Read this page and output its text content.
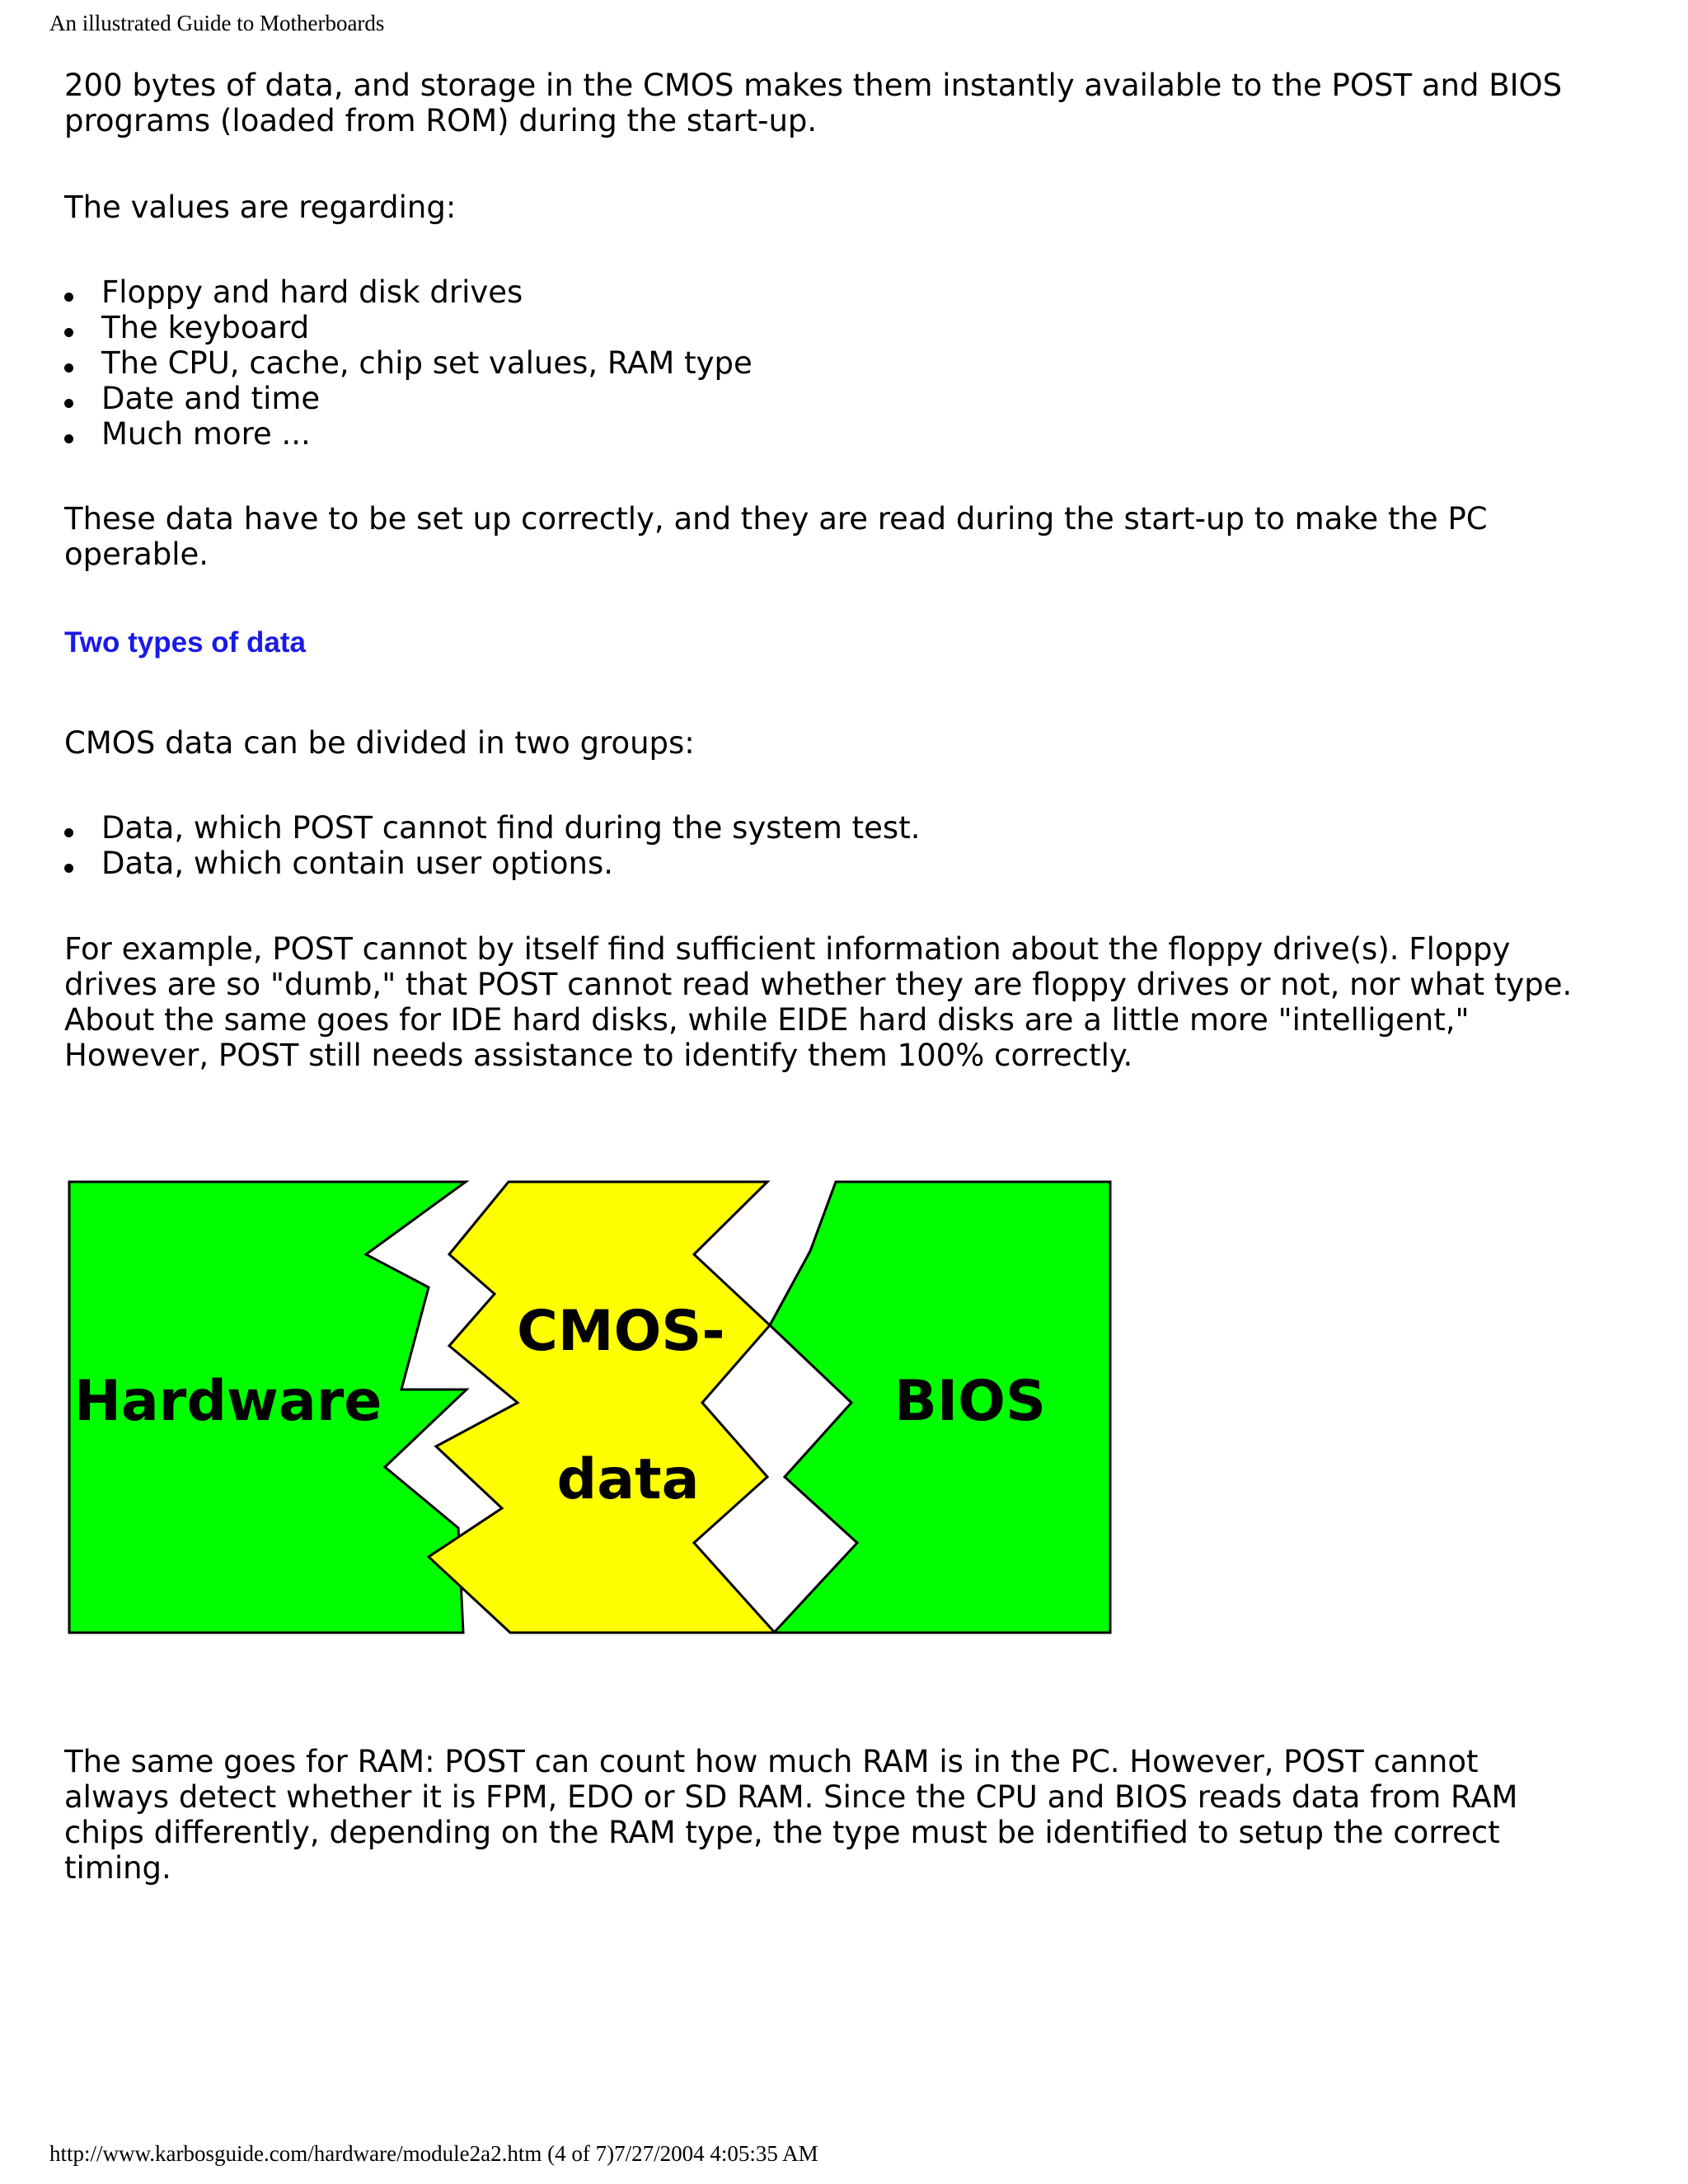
An illustrated Guide to Motherboards

200 bytes of data, and storage in the CMOS makes them instantly available to the POST and BIOS programs (loaded from ROM) during the start-up.

The values are regarding:

Floppy and hard disk drives
The keyboard
The CPU, cache, chip set values, RAM type
Date and time
Much more ...

These data have to be set up correctly, and they are read during the start-up to make the PC operable.

Two types of data

CMOS data can be divided in two groups:

Data, which POST cannot find during the system test.
Data, which contain user options.

For example, POST cannot by itself find sufficient information about the floppy drive(s). Floppy drives are so "dumb," that POST cannot read whether they are floppy drives or not, nor what type. About the same goes for IDE hard disks, while EIDE hard disks are a little more "intelligent," However, POST still needs assistance to identify them 100% correctly.

The same goes for RAM: POST can count how much RAM is in the PC. However, POST cannot always detect whether it is FPM, EDO or SD RAM. Since the CPU and BIOS reads data from RAM chips differently, depending on the RAM type, the type must be identified to setup the correct timing.

Hardware
CMOS-
data
BIOS

http://www.karbosguide.com/hardware/module2a2.htm (4 of 7)7/27/2004 4:05:35 AM
